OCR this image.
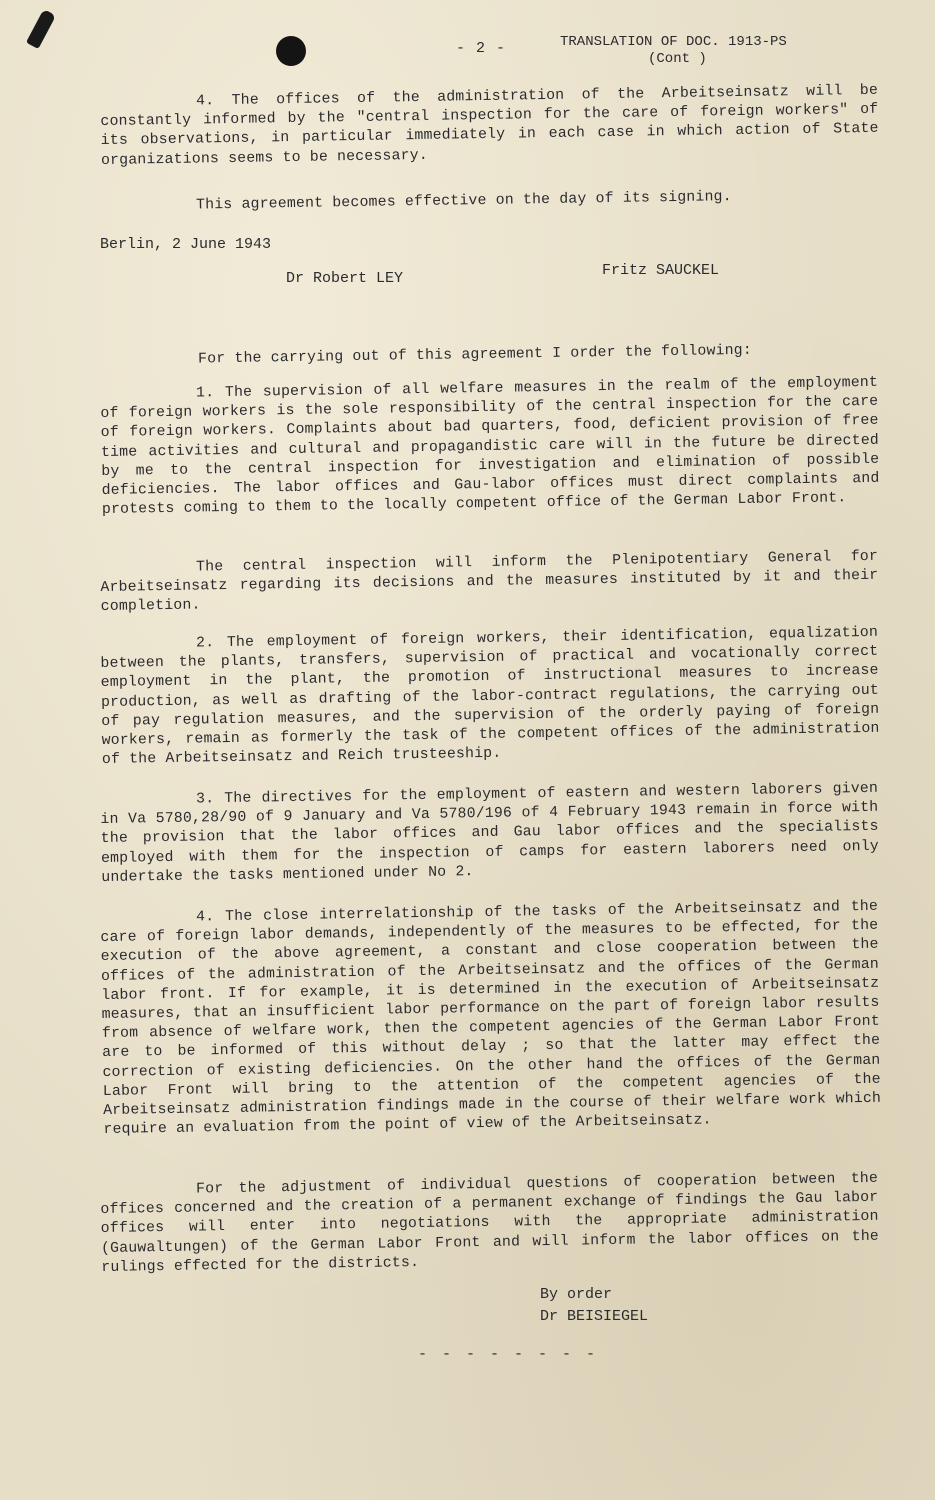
- 2 -	TRANSLATION OF DOC. 1913-PS
(Cont )
4. The offices of the administration of the Arbeitseinsatz will be constantly informed by the "central inspection for the care of foreign workers" of its observations, in particular immediately in each case in which action of State organizations seems to be necessary.
This agreement becomes effective on the day of its signing.
Berlin, 2 June 1943
Dr Robert LEY	Fritz SAUCKEL
For the carrying out of this agreement I order the following:
1. The supervision of all welfare measures in the realm of the employment of foreign workers is the sole responsibility of the central inspection for the care of foreign workers. Complaints about bad quarters, food, deficient provision of free time activities and cultural and propagandistic care will in the future be directed by me to the central inspection for investigation and elimination of possible deficiencies. The labor offices and Gau-labor offices must direct complaints and protests coming to them to the locally competent office of the German Labor Front.
The central inspection will inform the Plenipotentiary General for Arbeitseinsatz regarding its decisions and the measures instituted by it and their completion.
2. The employment of foreign workers, their identification, equalization between the plants, transfers, supervision of practical and vocationally correct employment in the plant, the promotion of instructional measures to increase production, as well as drafting of the labor-contract regulations, the carrying out of pay regulation measures, and the supervision of the orderly paying of foreign workers, remain as formerly the task of the competent offices of the administration of the Arbeitseinsatz and Reich trusteeship.
3. The directives for the employment of eastern and western laborers given in Va 5780,28/90 of 9 January and Va 5780/196 of 4 February 1943 remain in force with the provision that the labor offices and Gau labor offices and the specialists employed with them for the inspection of camps for eastern laborers need only undertake the tasks mentioned under No 2.
4. The close interrelationship of the tasks of the Arbeitseinsatz and the care of foreign labor demands, independently of the measures to be effected, for the execution of the above agreement, a constant and close cooperation between the offices of the administration of the Arbeitseinsatz and the offices of the German labor front. If for example, it is determined in the execution of Arbeitseinsatz measures, that an insufficient labor performance on the part of foreign labor results from absence of welfare work, then the competent agencies of the German Labor Front are to be informed of this without delay ; so that the latter may effect the correction of existing deficiencies. On the other hand the offices of the German Labor Front will bring to the attention of the competent agencies of the Arbeitseinsatz administration findings made in the course of their welfare work which require an evaluation from the point of view of the Arbeitseinsatz.
For the adjustment of individual questions of cooperation between the offices concerned and the creation of a permanent exchange of findings the Gau labor offices will enter into negotiations with the appropriate administration (Gauwaltungen) of the German Labor Front and will inform the labor offices on the rulings effected for the districts.
By order
Dr BEISIEGEL
- - - - - - - -
